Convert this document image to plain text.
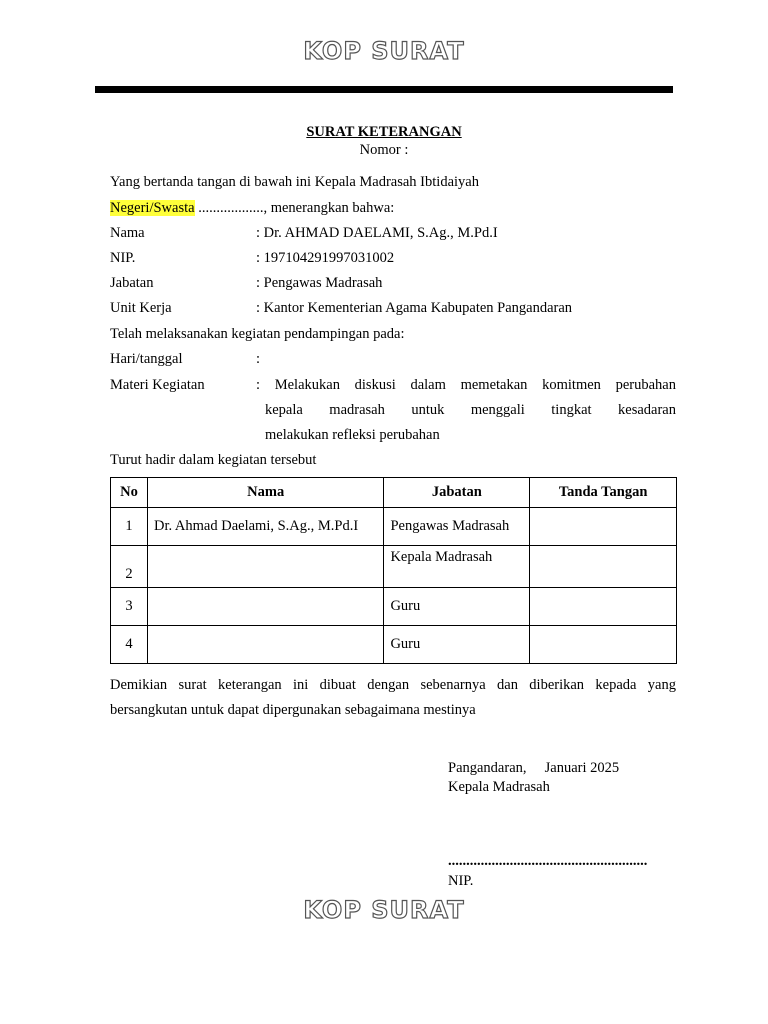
KOP SURAT
SURAT KETERANGAN
Nomor :
Yang bertanda tangan di bawah ini Kepala Madrasah Ibtidaiyah
Negeri/Swasta .................., menerangkan bahwa:
Nama	: Dr. AHMAD DAELAMI, S.Ag., M.Pd.I
NIP.	: 197104291997031002
Jabatan	: Pengawas Madrasah
Unit Kerja	: Kantor Kementerian Agama Kabupaten Pangandaran
Telah melaksanakan kegiatan pendampingan pada:
Hari/tanggal	:
Materi Kegiatan	: Melakukan diskusi dalam memetakan komitmen perubahan
kepala madrasah untuk menggali tingkat kesadaran
melakukan refleksi perubahan
Turut hadir dalam kegiatan tersebut
No	Nama	Jabatan	Tanda Tangan
1	Dr. Ahmad Daelami, S.Ag., M.Pd.I	Pengawas Madrasah	
2		Kepala Madrasah	
3		Guru	
4		Guru	
Demikian surat keterangan ini dibuat dengan sebenarnya dan diberikan kepada yang
bersangkutan untuk dapat dipergunakan sebagaimana mestinya
Pangandaran,     Januari 2025
Kepala Madrasah
.......................................................
NIP.
KOP SURAT
